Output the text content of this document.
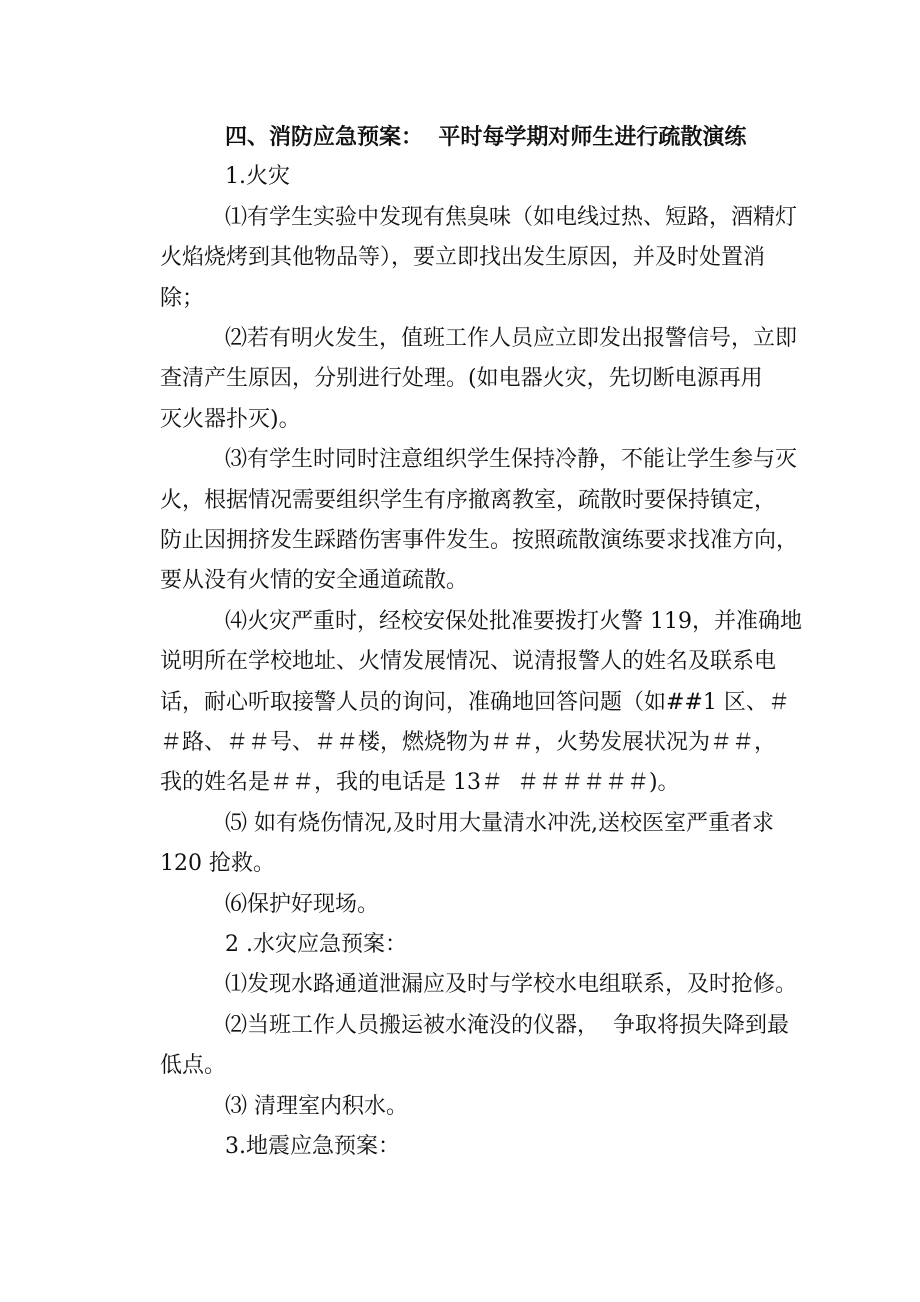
四、消防应急预案：  平时每学期对师生进行疏散演练
1.火灾
⑴有学生实验中发现有焦臭味（如电线过热、短路，酒精灯
火焰烧烤到其他物品等），要立即找出发生原因，并及时处置消
除；
⑵若有明火发生，值班工作人员应立即发出报警信号，立即
查清产生原因，分别进行处理。(如电器火灾，先切断电源再用
灭火器扑灭)。
⑶有学生时同时注意组织学生保持冷静，不能让学生参与灭
火，根据情况需要组织学生有序撤离教室，疏散时要保持镇定，
防止因拥挤发生踩踏伤害事件发生。按照疏散演练要求找准方向，
要从没有火情的安全通道疏散。
⑷火灾严重时，经校安保处批准要拨打火警 119，并准确地
说明所在学校地址、火情发展情况、说清报警人的姓名及联系电
话，耐心听取接警人员的询问，准确地回答问题（如##1 区、＃
＃路、＃＃号、＃＃楼，燃烧物为＃＃，火势发展状况为＃＃，
我的姓名是＃＃，我的电话是 13＃  ＃＃＃＃＃＃)。
⑸ 如有烧伤情况,及时用大量清水冲洗,送校医室严重者求
120 抢救。
⑹保护好现场。
2 .水灾应急预案：
⑴发现水路通道泄漏应及时与学校水电组联系，及时抢修。
⑵当班工作人员搬运被水淹没的仪器，  争取将损失降到最
低点。
⑶ 清理室内积水。
3.地震应急预案：
